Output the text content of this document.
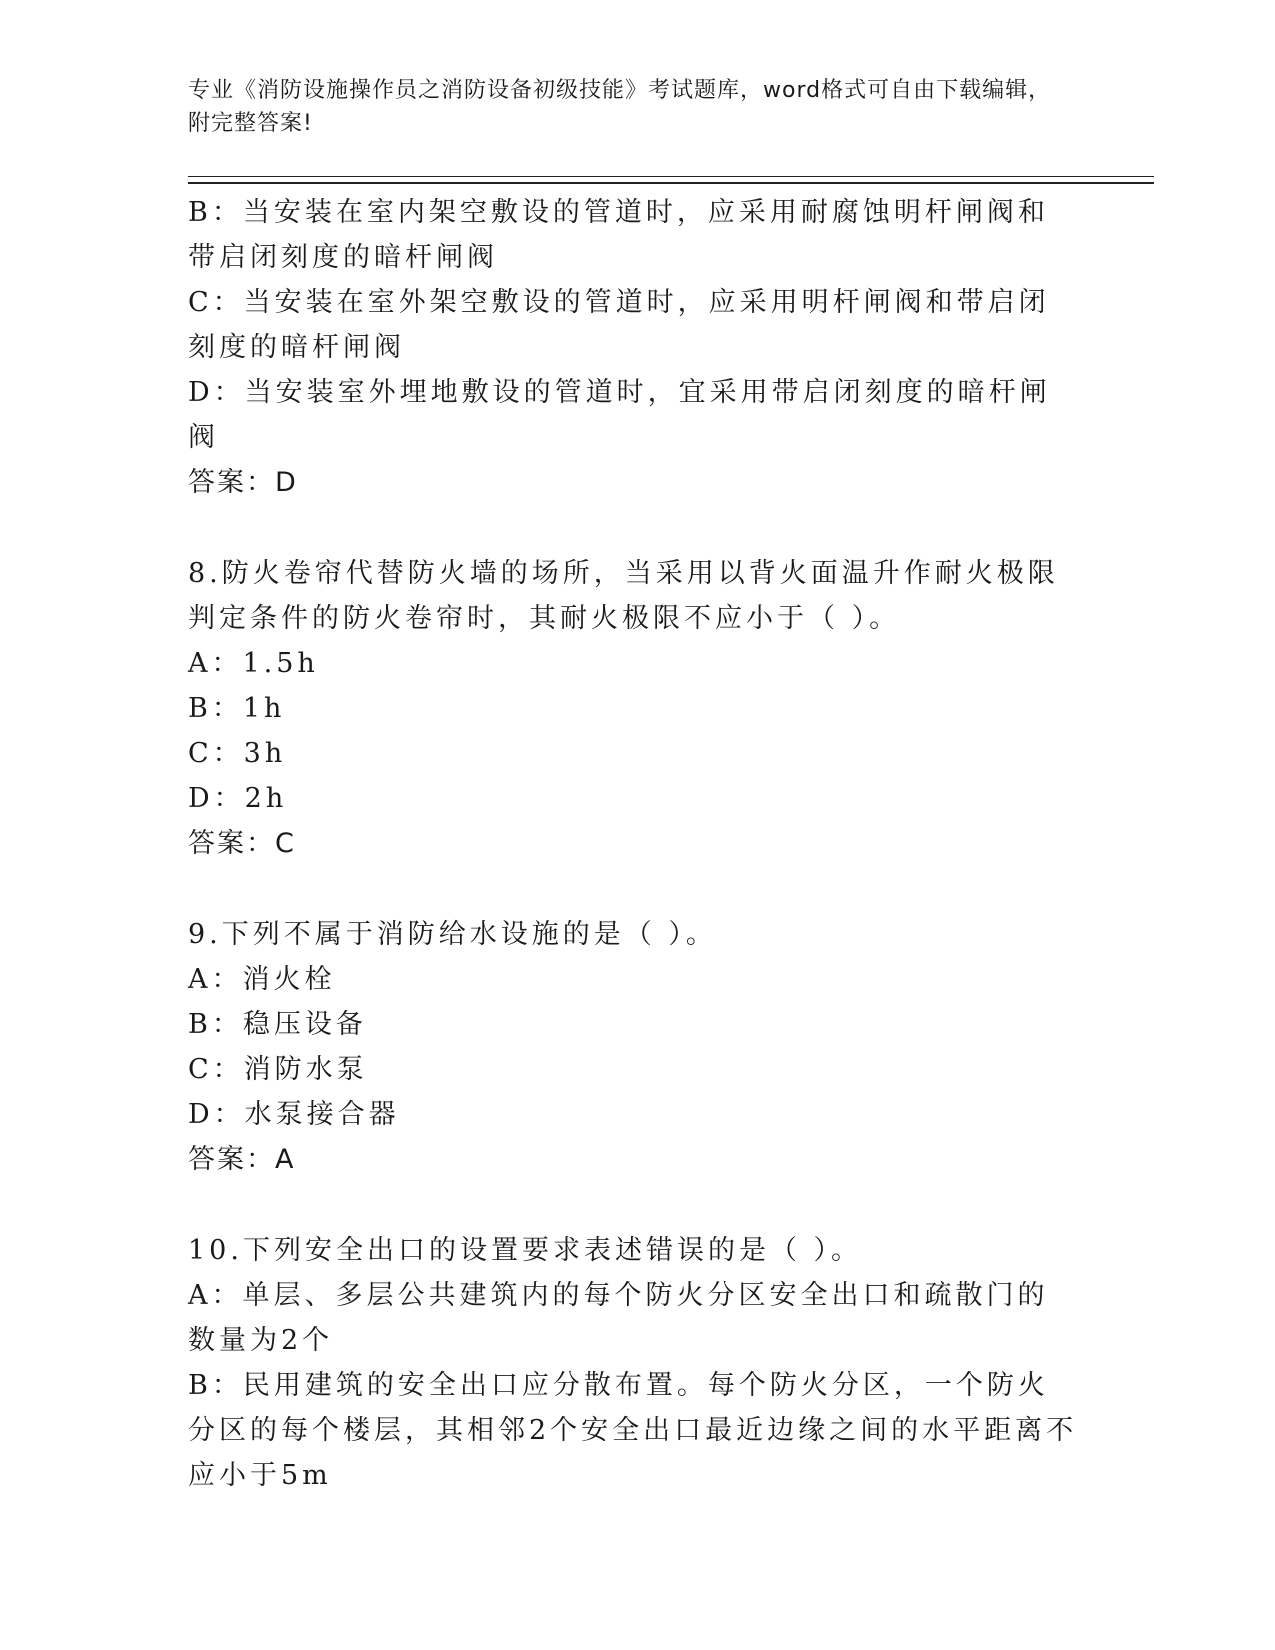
专业《消防设施操作员之消防设备初级技能》考试题库，word格式可自由下载编辑，附完整答案!
B：当安装在室内架空敷设的管道时，应采用耐腐蚀明杆闸阀和带启闭刻度的暗杆闸阀
C：当安装在室外架空敷设的管道时，应采用明杆闸阀和带启闭刻度的暗杆闸阀
D：当安装室外埋地敷设的管道时，宜采用带启闭刻度的暗杆闸阀
答案：D
8.防火卷帘代替防火墙的场所，当采用以背火面温升作耐火极限判定条件的防火卷帘时，其耐火极限不应小于（ ）。
A：1.5h
B：1h
C：3h
D：2h
答案：C
9.下列不属于消防给水设施的是（ ）。
A：消火栓
B：稳压设备
C：消防水泵
D：水泵接合器
答案：A
10.下列安全出口的设置要求表述错误的是（ ）。
A：单层、多层公共建筑内的每个防火分区安全出口和疏散门的数量为2个
B：民用建筑的安全出口应分散布置。每个防火分区，一个防火分区的每个楼层，其相邻2个安全出口最近边缘之间的水平距离不应小于5m
